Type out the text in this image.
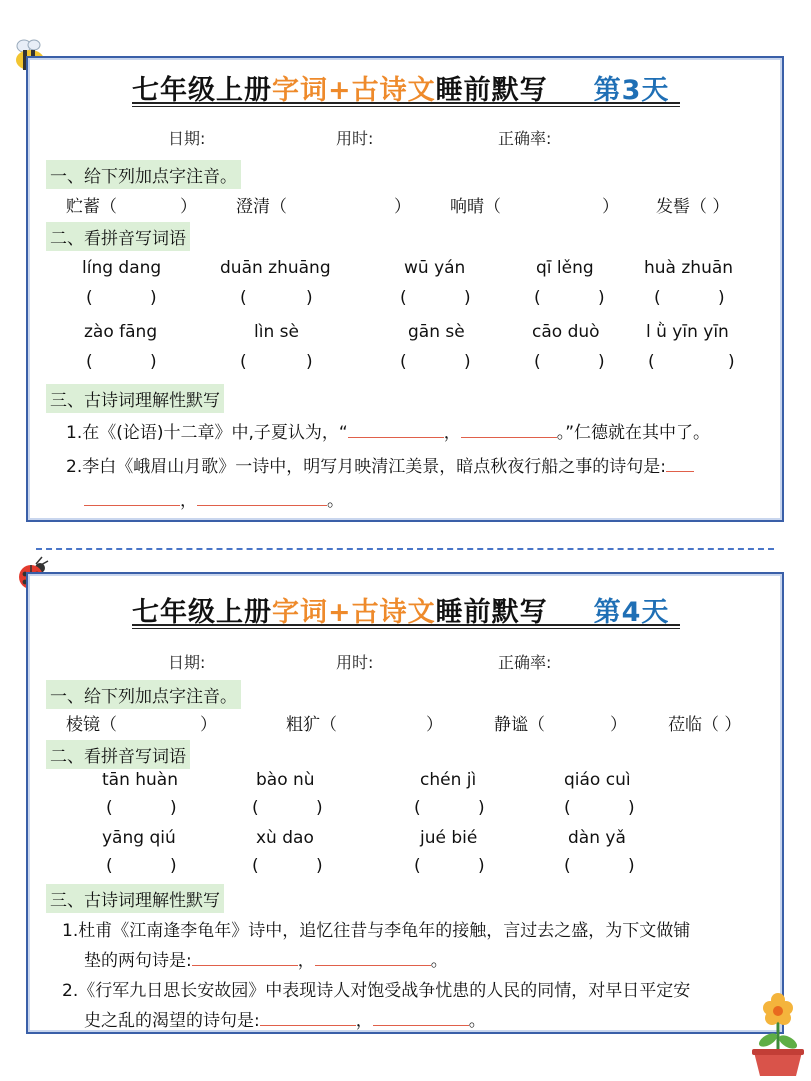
七年级上册字词+古诗文睡前默写 第3天
日期:	用时:	正确率:
一、给下列加点字注音。
贮蓄（	） 澄清（	） 响晴（	） 发髻（ ）
二、看拼音写词语
líng dang	duān zhuāng	wū yán	qī lěng	huà zhuān
(	)	(	)	(	)	(	)	(	)
zào fāng	lìn sè	gān sè	cāo duò	l ǜ yīn yīn
(	)	(	)	(	)	(	)	(	)
三、古诗词理解性默写
1.在《(论语)十二章》中,子夏认为，“	，	。”仁德就在其中了。
2.李白《峨眉山月歌》一诗中，明写月映清江美景，暗点秋夜行船之事的诗句是:
，	。
七年级上册字词+古诗文睡前默写 第4天
日期:	用时:	正确率:
一、给下列加点字注音。
棱镜（	）	粗犷（	）	静谧（	） 莅临（ ）
二、看拼音写词语
tān huàn	bào nù	chén jì	qiáo cuì
(	)	(	)	(	)	(	)
yāng qiú	xù dao	jué bié	dàn yǎ
(	)	(	)	(	)	(	)
三、古诗词理解性默写
1.杜甫《江南逢李龟年》诗中，追忆往昔与李龟年的接触，言过去之盛，为下文做铺
垫的两句诗是:	，	。
2.《行军九日思长安故园》中表现诗人对饱受战争忧患的人民的同情，对早日平定安
史之乱的渴望的诗句是:	，	。
